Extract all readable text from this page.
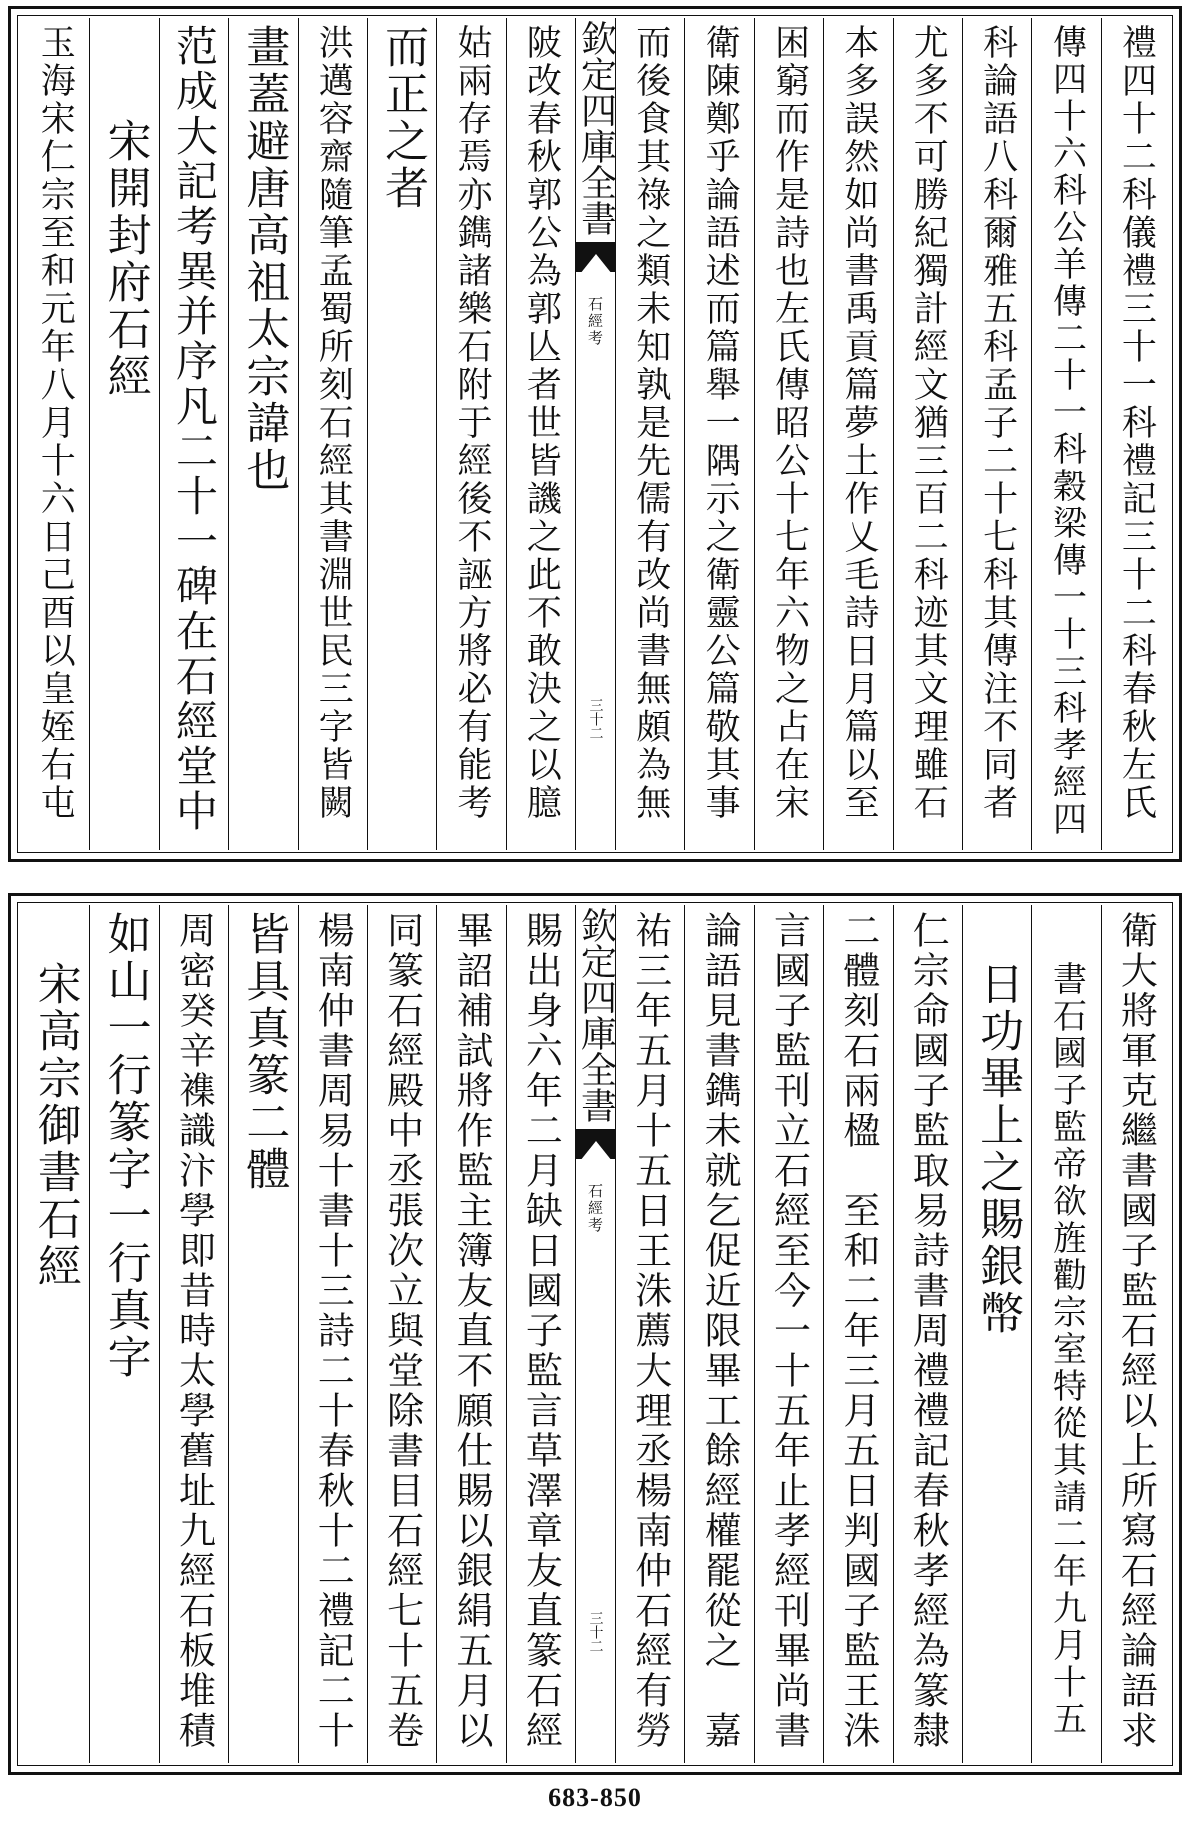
禮四十二科儀禮三十一科禮記三十二科春秋左氏
傳四十六科公羊傳二十一科穀梁傳一十三科孝經四
科論語八科爾雅五科孟子二十七科其傳注不同者
尤多不可勝紀獨計經文猶三百二科迹其文理雖石
本多誤然如尚書禹貢篇夢土作乂毛詩日月篇以至
困窮而作是詩也左氏傳昭公十七年六物之占在宋
衛陳鄭乎論語述而篇舉一隅示之衛靈公篇敬其事
而後食其祿之類未知孰是先儒有改尚書無頗為無
欽定四庫全書
石經考
三十二
陂改春秋郭公為郭亾者世皆譏之此不敢決之以臆
姑兩存焉亦鐫諸樂石附于經後不誣方將必有能考
而正之者
洪邁容齋隨筆孟蜀所刻石經其書淵世民三字皆闕
畫蓋避唐高祖太宗諱也
范成大記考異并序凡二十一碑在石經堂中
宋開封府石經
玉海宋仁宗至和元年八月十六日己酉以皇姪右屯
衛大將軍克繼書國子監石經以上所寫石經論語求
書石國子監帝欲旌勸宗室特從其請二年九月十五
日功畢上之賜銀幣
仁宗命國子監取易詩書周禮禮記春秋孝經為篆隸
二體刻石兩楹　至和二年三月五日判國子監王洙
言國子監刊立石經至今一十五年止孝經刊畢尚書
論語見書鐫未就乞促近限畢工餘經權罷從之　嘉
祐三年五月十五日王洙薦大理丞楊南仲石經有勞
欽定四庫全書
石經考
三十二
賜出身六年二月缺日國子監言草澤章友直篆石經
畢詔補試將作監主簿友直不願仕賜以銀絹五月以
同篆石經殿中丞張次立與堂除書目石經七十五卷
楊南仲書周易十書十三詩二十春秋十二禮記二十
皆具真篆二體
周密癸辛襍識汴學即昔時太學舊址九經石板堆積
如山一行篆字一行真字
宋高宗御書石經
683-850
